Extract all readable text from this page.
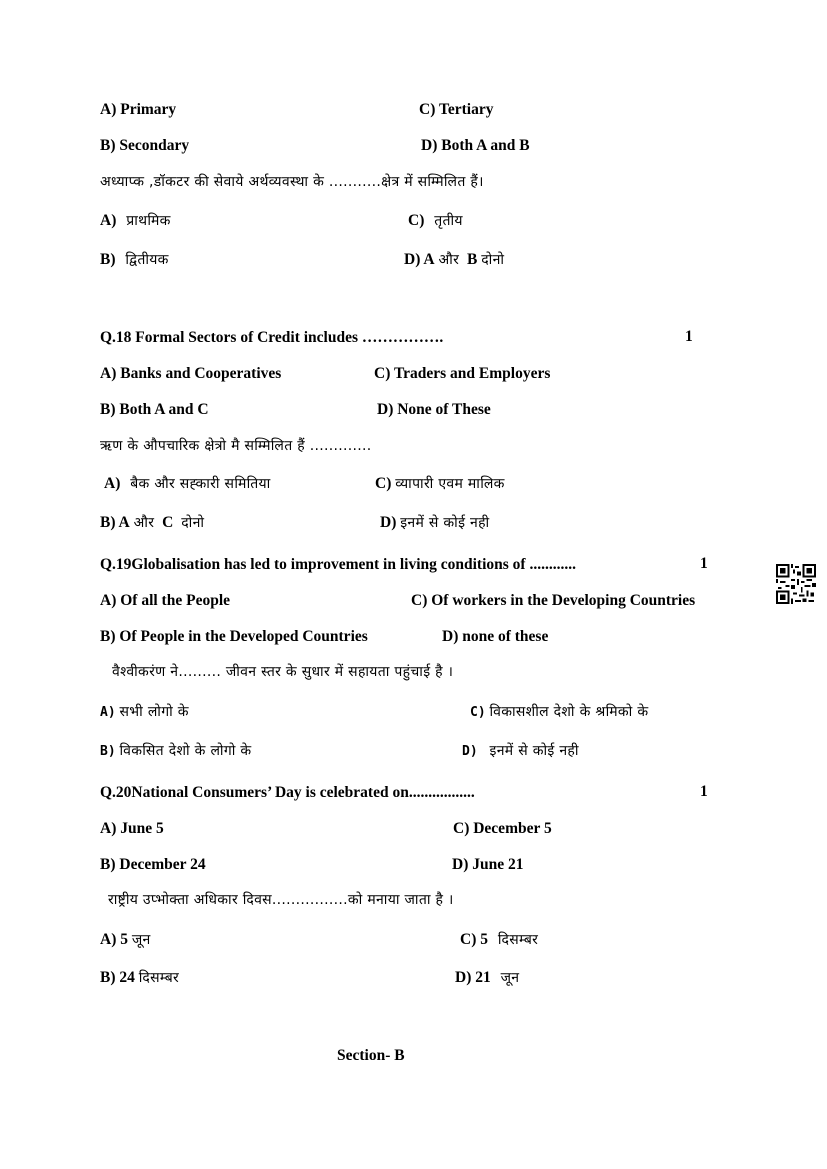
A) Primary	C) Tertiary
B) Secondary	D) Both A and B
अध्याप्क ,डॉकटर की सेवाये अर्थव्यवस्था के ...........क्षेत्र में सम्मिलित हैं।
A) प्राथमिक	C) तृतीय
B) द्वितीयक	D) A और B दोनो
Q.18 Formal Sectors of Credit includes …………….	1
A) Banks and Cooperatives	C) Traders and Employers
B) Both A and C	D) None of These
ऋण के औपचारिक क्षेत्रो मै सम्मिलित हैं .............
A) बैक और सह्कारी समितिया	C) व्यापारी एवम मालिक
B) A और C दोनो	D) इनमें से कोई नही
Q.19Globalisation has led to improvement in living conditions of ............	1
A) Of all the People	C) Of workers in the Developing Countries
B) Of People in the Developed Countries	D) none of these
वैश्वीकरंण ने......... जीवन स्तर के सुधार में सहायता पहुंचाई है ।
A) सभी लोगो के	C) विकासशील देशो के श्रमिको के
B) विकसित देशो के लोगो के	D) इनमें से कोई नही
Q.20National Consumers’ Day is celebrated on.................	1
A) June 5	C) December 5
B) December 24	D) June 21
राष्ट्रीय उप्भोक्ता अधिकार दिवस................को मनाया जाता है ।
A) 5 जून	C) 5 दिसम्बर
B) 24 दिसम्बर	D) 21 जून
Section- B
